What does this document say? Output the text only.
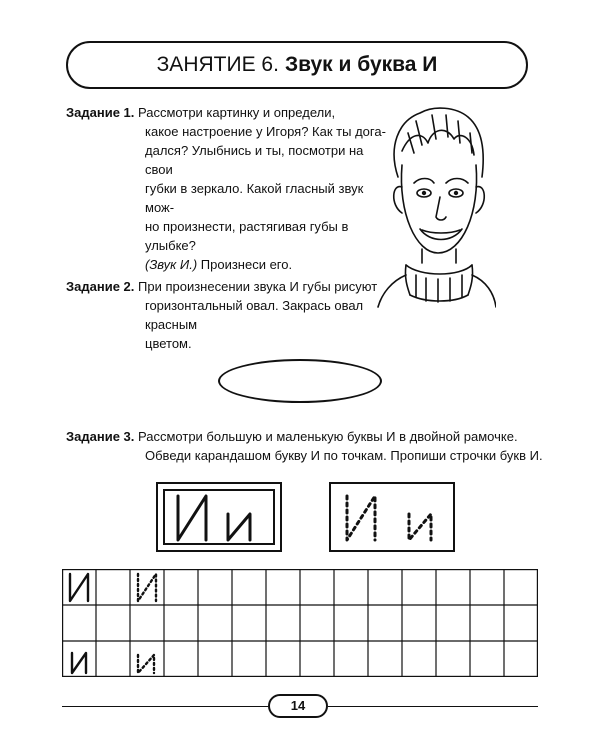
ЗАНЯТИЕ 6. Звук и буква И

Задание 1. Рассмотри картинку и определи,

какое настроение у Игоря? Как ты дога-

дался? Улыбнись и ты, посмотри на свои

губки в зеркало. Какой гласный звук мож-

но произнести, растягивая губы в улыбке?

(Звук И.) Произнеси его.

Задание 2. При произнесении звука И губы рисуют

горизонтальный овал. Закрась овал красным

цветом.

Задание 3. Рассмотри большую и маленькую буквы И в двойной рамочке.

Обведи карандашом букву И по точкам. Пропиши строчки букв И.

14
